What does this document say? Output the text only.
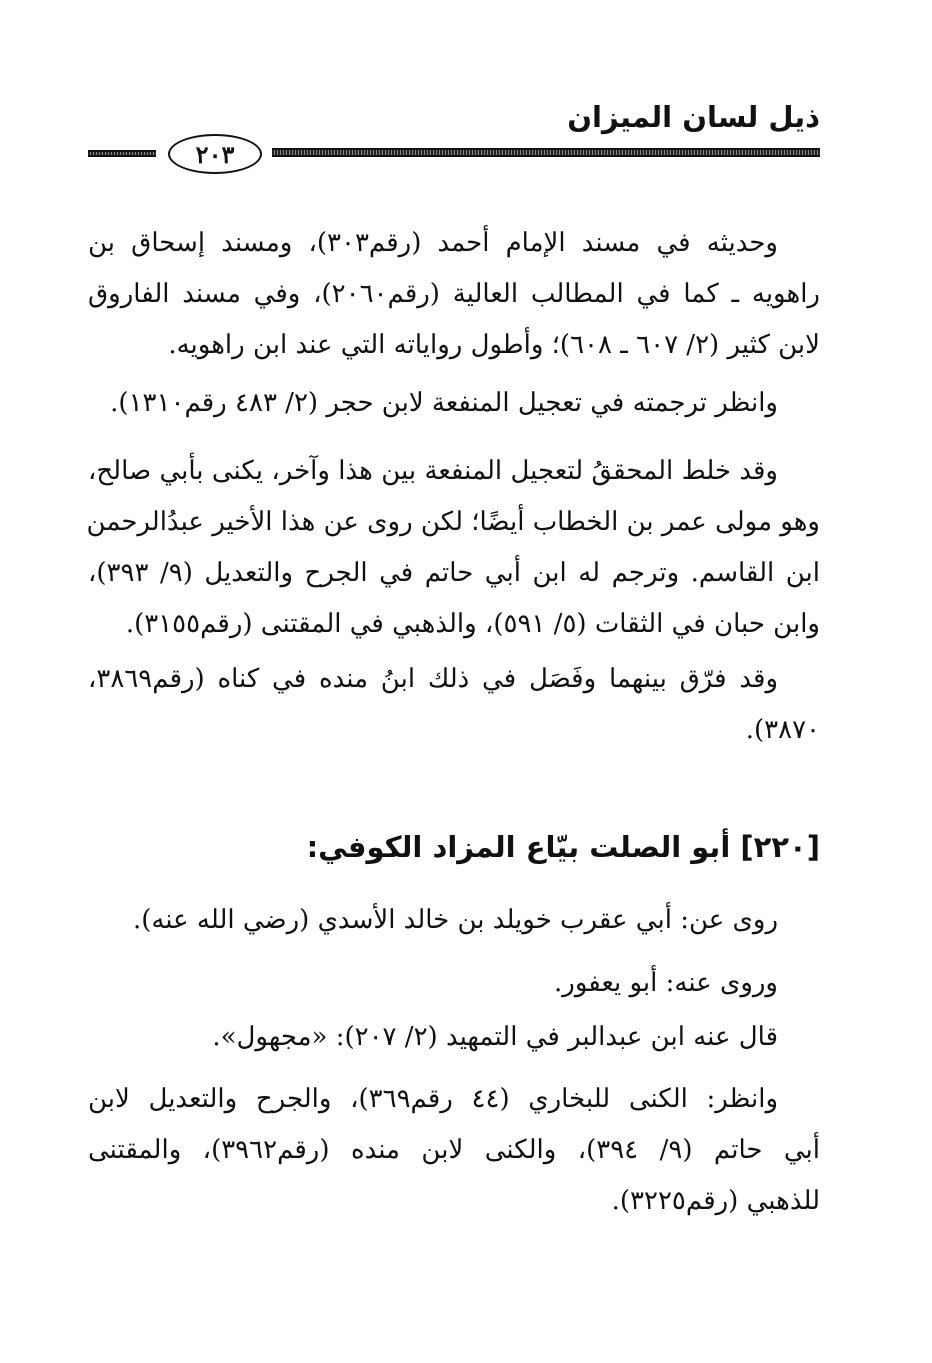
ذيل لسان الميزان
٢٠٣
وحديثه في مسند الإمام أحمد (رقم٣٠٣)، ومسند إسحاق بن
راهويه ـ كما في المطالب العالية (رقم٢٠٦٠)، وفي مسند الفاروق
لابن كثير (٢/ ٦٠٧ ـ ٦٠٨)؛ وأطول رواياته التي عند ابن راهويه.
وانظر ترجمته في تعجيل المنفعة لابن حجر (٢/ ٤٨٣ رقم١٣١٠).
وقد خلط المحققُ لتعجيل المنفعة بين هذا وآخر، يكنى بأبي صالح،
وهو مولى عمر بن الخطاب أيضًا؛ لكن روى عن هذا الأخير عبدُالرحمن
ابن القاسم. وترجم له ابن أبي حاتم في الجرح والتعديل (٩/ ٣٩٣)،
وابن حبان في الثقات (٥/ ٥٩١)، والذهبي في المقتنى (رقم٣١٥٥).
وقد فرّق بينهما وفَصَل في ذلك ابنُ منده في كناه (رقم٣٨٦٩،
٣٨٧٠).
[٢٢٠] أبو الصلت بيّاع المزاد الكوفي:
روى عن: أبي عقرب خويلد بن خالد الأسدي (رضي الله عنه).
وروى عنه: أبو يعفور.
قال عنه ابن عبدالبر في التمهيد (٢/ ٢٠٧): «مجهول».
وانظر: الكنى للبخاري (٤٤ رقم٣٦٩)، والجرح والتعديل لابن
أبي حاتم (٩/ ٣٩٤)، والكنى لابن منده (رقم٣٩٦٢)، والمقتنى
للذهبي (رقم٣٢٢٥).
